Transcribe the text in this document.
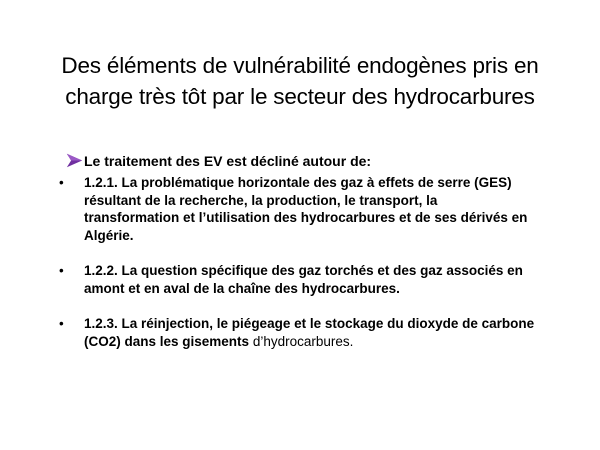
Des éléments de vulnérabilité endogènes pris en charge très tôt par le secteur des hydrocarbures
Le traitement des EV est décliné autour de:
• 1.2.1. La problématique horizontale des gaz à effets de serre (GES) résultant de la recherche, la production, le transport, la transformation et l’utilisation des hydrocarbures et de ses dérivés en Algérie.
• 1.2.2. La question spécifique des gaz torchés et des gaz associés en amont et en aval de la chaîne des hydrocarbures.
• 1.2.3. La réinjection, le piégeage et le stockage du dioxyde de carbone (CO2) dans les gisements d’hydrocarbures.
